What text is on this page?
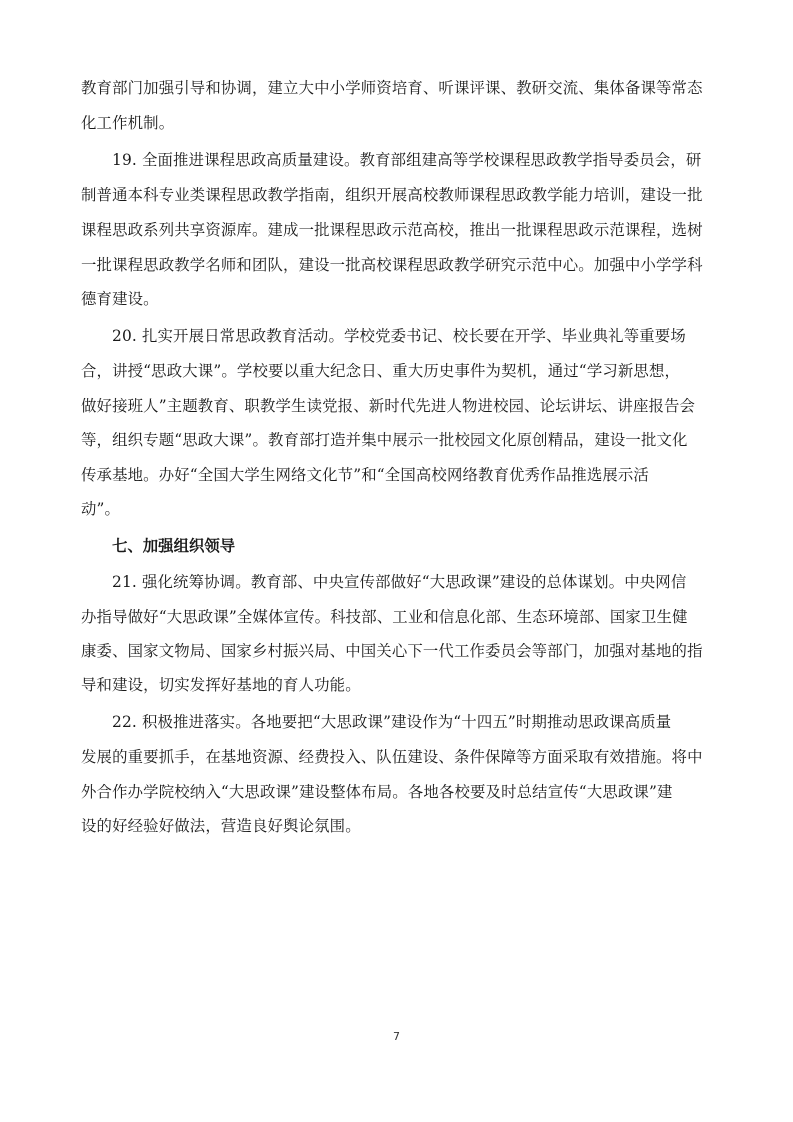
教育部门加强引导和协调，建立大中小学师资培育、听课评课、教研交流、集体备课等常态
化工作机制。
19. 全面推进课程思政高质量建设。教育部组建高等学校课程思政教学指导委员会，研
制普通本科专业类课程思政教学指南，组织开展高校教师课程思政教学能力培训，建设一批
课程思政系列共享资源库。建成一批课程思政示范高校，推出一批课程思政示范课程，选树
一批课程思政教学名师和团队，建设一批高校课程思政教学研究示范中心。加强中小学学科
德育建设。
20. 扎实开展日常思政教育活动。学校党委书记、校长要在开学、毕业典礼等重要场
合，讲授“思政大课”。学校要以重大纪念日、重大历史事件为契机，通过“学习新思想，
做好接班人”主题教育、职教学生读党报、新时代先进人物进校园、论坛讲坛、讲座报告会
等，组织专题“思政大课”。教育部打造并集中展示一批校园文化原创精品，建设一批文化
传承基地。办好“全国大学生网络文化节”和“全国高校网络教育优秀作品推选展示活
动”。
七、加强组织领导
21. 强化统筹协调。教育部、中央宣传部做好“大思政课”建设的总体谋划。中央网信
办指导做好“大思政课”全媒体宣传。科技部、工业和信息化部、生态环境部、国家卫生健
康委、国家文物局、国家乡村振兴局、中国关心下一代工作委员会等部门，加强对基地的指
导和建设，切实发挥好基地的育人功能。
22. 积极推进落实。各地要把“大思政课”建设作为“十四五”时期推动思政课高质量
发展的重要抓手，在基地资源、经费投入、队伍建设、条件保障等方面采取有效措施。将中
外合作办学院校纳入“大思政课”建设整体布局。各地各校要及时总结宣传“大思政课”建
设的好经验好做法，营造良好舆论氛围。
7
